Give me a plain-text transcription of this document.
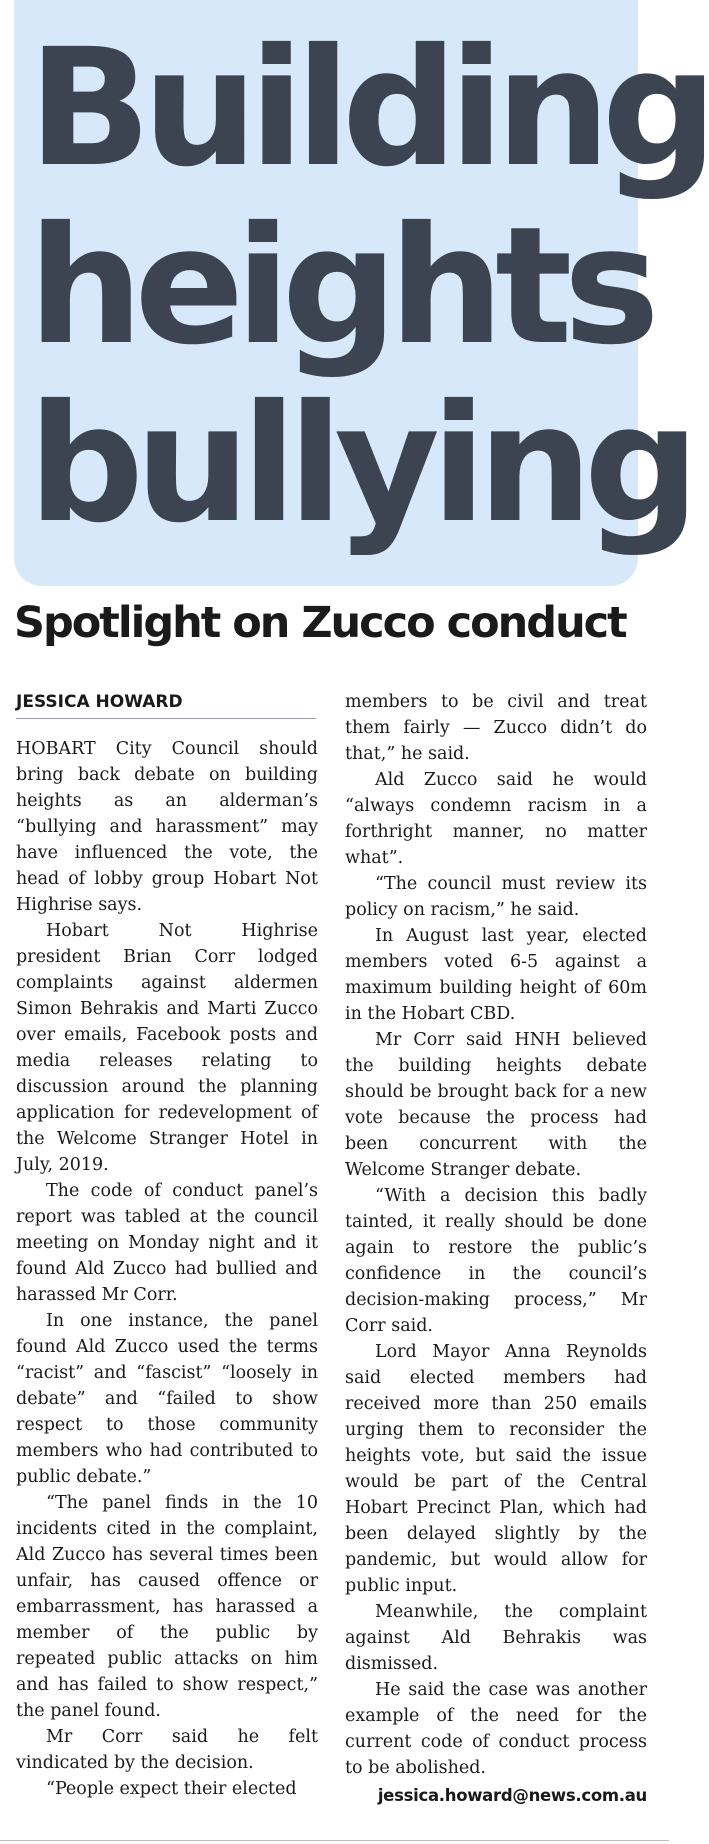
Building
heights
bullying
Spotlight on Zucco conduct
JESSICA HOWARD

HOBART City Council should bring back debate on building heights as an alderman’s “bullying and harassment” may have influenced the vote, the head of lobby group Hobart Not Highrise says.

Hobart Not Highrise president Brian Corr lodged complaints against aldermen Simon Behrakis and Marti Zucco over emails, Facebook posts and media releases relating to discussion around the planning application for redevelopment of the Welcome Stranger Hotel in July, 2019.

The code of conduct panel’s report was tabled at the council meeting on Monday night and it found Ald Zucco had bullied and harassed Mr Corr.

In one instance, the panel found Ald Zucco used the terms “racist” and “fascist” “loosely in debate” and “failed to show respect to those community members who had contributed to public debate.”

“The panel finds in the 10 incidents cited in the complaint, Ald Zucco has several times been unfair, has caused offence or embarrassment, has harassed a member of the public by repeated public attacks on him and has failed to show respect,” the panel found.

Mr Corr said he felt vindicated by the decision.

“People expect their elected

members to be civil and treat them fairly — Zucco didn’t do that,” he said.

Ald Zucco said he would “always condemn racism in a forthright manner, no matter what”.

“The council must review its policy on racism,” he said.

In August last year, elected members voted 6-5 against a maximum building height of 60m in the Hobart CBD.

Mr Corr said HNH believed the building heights debate should be brought back for a new vote because the process had been concurrent with the Welcome Stranger debate.

“With a decision this badly tainted, it really should be done again to restore the public’s confidence in the council’s decision-making process,” Mr Corr said.

Lord Mayor Anna Reynolds said elected members had received more than 250 emails urging them to reconsider the heights vote, but said the issue would be part of the Central Hobart Precinct Plan, which had been delayed slightly by the pandemic, but would allow for public input.

Meanwhile, the complaint against Ald Behrakis was dismissed.

He said the case was another example of the need for the current code of conduct process to be abolished.

jessica.howard@news.com.au
